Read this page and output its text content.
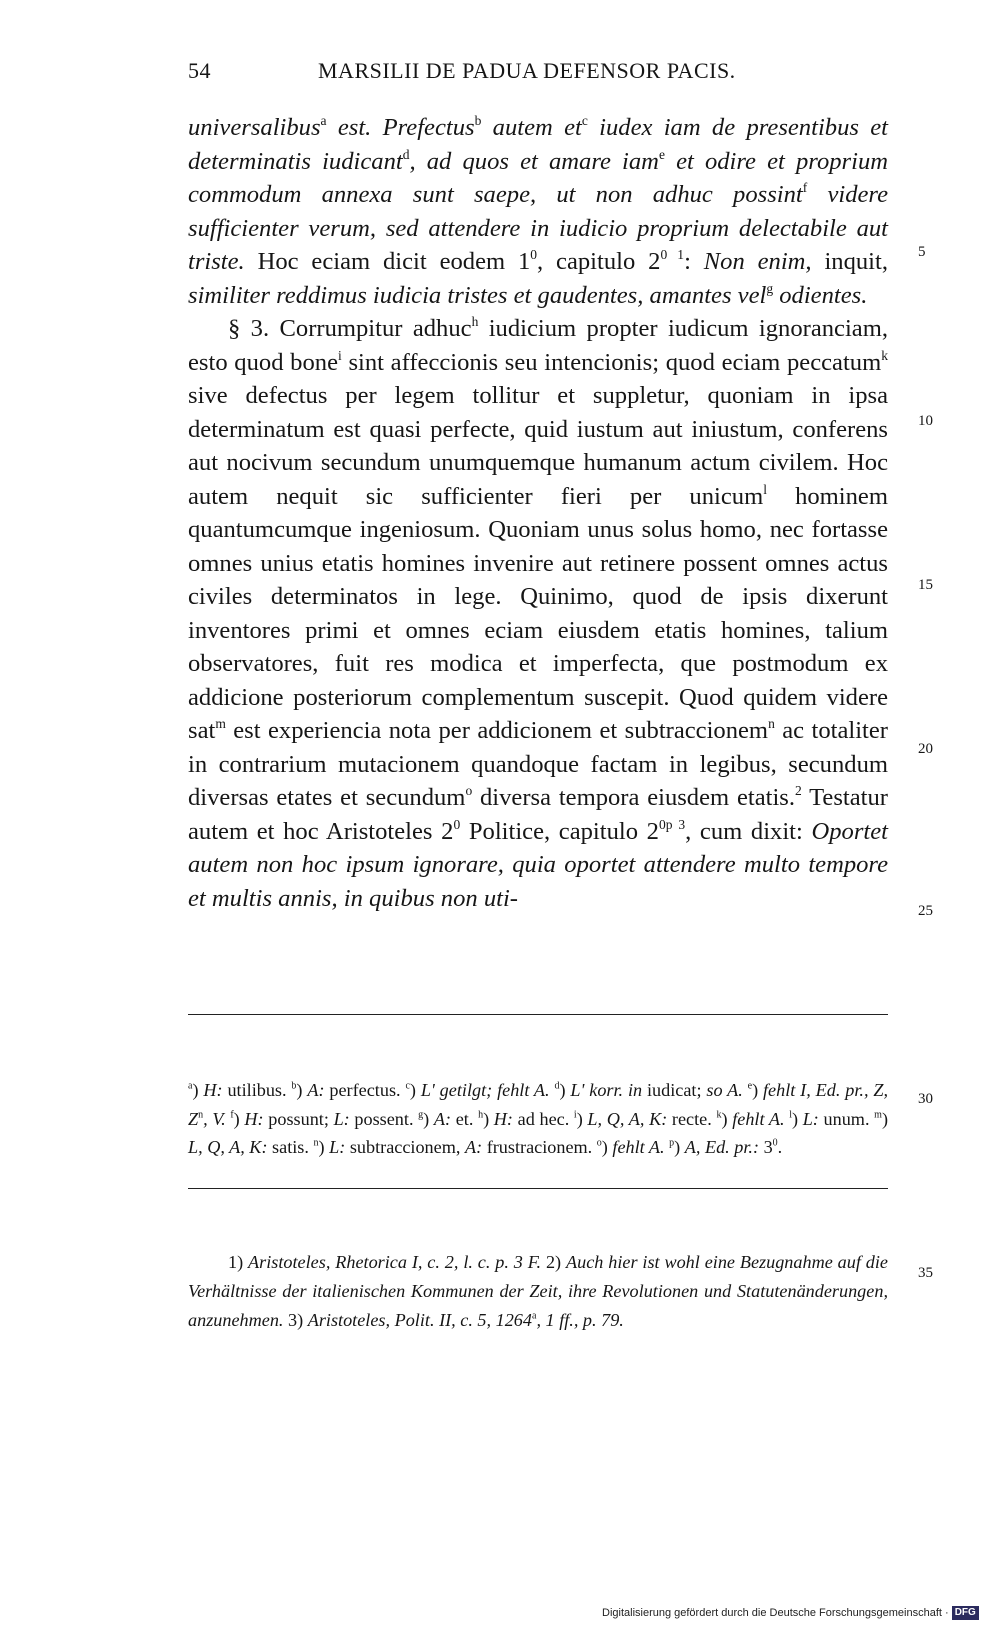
54	MARSILII DE PADUA DEFENSOR PACIS.

universalibus$^a$ est. Prefectus$^b$ autem $et^c$ iudex iam de presentibus et determinatis iudicant$^d$, ad quos et amare iam$^e$ et odire et proprium commodum annexa sunt saepe, ut non adhuc possint$^f$ videre sufficienter verum, sed attendere in iudicio proprium delectabile aut triste. Hoc eciam dicit eodem $1^0$, capitulo $2^{0 1}$: Non enim, inquit, similiter reddimus iudicia tristes et gaudentes, amantes vel$^g$ odientes.

§ 3. Corrumpitur adhuc$^h$ iudicium propter iudicum ignoranciam, esto quod bone$^i$ sint affeccionis seu intencionis; quod eciam peccatum$^k$ sive defectus per legem tollitur et suppletur, quoniam in ipsa determinatum est quasi perfecte, quid iustum aut iniustum, conferens aut nocivum secundum unumquemque humanum actum civilem. Hoc autem nequit sic sufficienter fieri per unicum$^l$ hominem quantumcumque ingeniosum. Quoniam unus solus homo, nec fortasse omnes unius etatis homines invenire aut retinere possent omnes actus civiles determinatos in lege. Quinimo, quod de ipsis dixerunt inventores primi et omnes eciam eiusdem etatis homines, talium observatores, fuit res modica et imperfecta, que postmodum ex addicione posteriorum complementum suscepit. Quod quidem videre sat$^m$ est experiencia nota per addicionem et subtraccionem$^n$ ac totaliter in contrarium mutacionem quandoque factam in legibus, secundum diversas etates et secundum$^o$ diversa tempora eiusdem etatis.$^2$ Testatur autem et hoc Aristoteles $2^0$ Politice, capitulo $2^{0p 3}$, cum dixit: Oportet autem non hoc ipsum ignorare, quia oportet attendere multo tempore et multis annis, in quibus non uti-

5
10
15
20
25
30
35

$^a$) H: utilibus. $^b$) A: perfectus. $^c$) L' getilgt; fehlt A. $^d$) L' korr. in iudicat; so A. $^e$) fehlt I, Ed. pr., Z, $Z^n$, V. $^f$) H: possunt; L: possent. $^g$) A: et. $^h$) H: ad hec. $^i$) L, Q, A, K: recte. $^k$) fehlt A. $^l$) L: unum. $^m$) L, Q, A, K: satis. $^n$) L: subtraccionem, A: frustracionem. $^o$) fehlt A. $^p$) A, Ed. pr.: $3^0$.

1) Aristoteles, Rhetorica I, c. 2, l. c. p. 3 F. 2) Auch hier ist wohl eine Bezugnahme auf die Verhältnisse der italienischen Kommunen der Zeit, ihre Revolutionen und Statutenänderungen, anzunehmen. 3) Aristoteles, Polit. II, c. 5, 1264$^a$, 1 ff., p. 79.

Digitalisierung gefördert durch die Deutsche Forschungsgemeinschaft · DFG
